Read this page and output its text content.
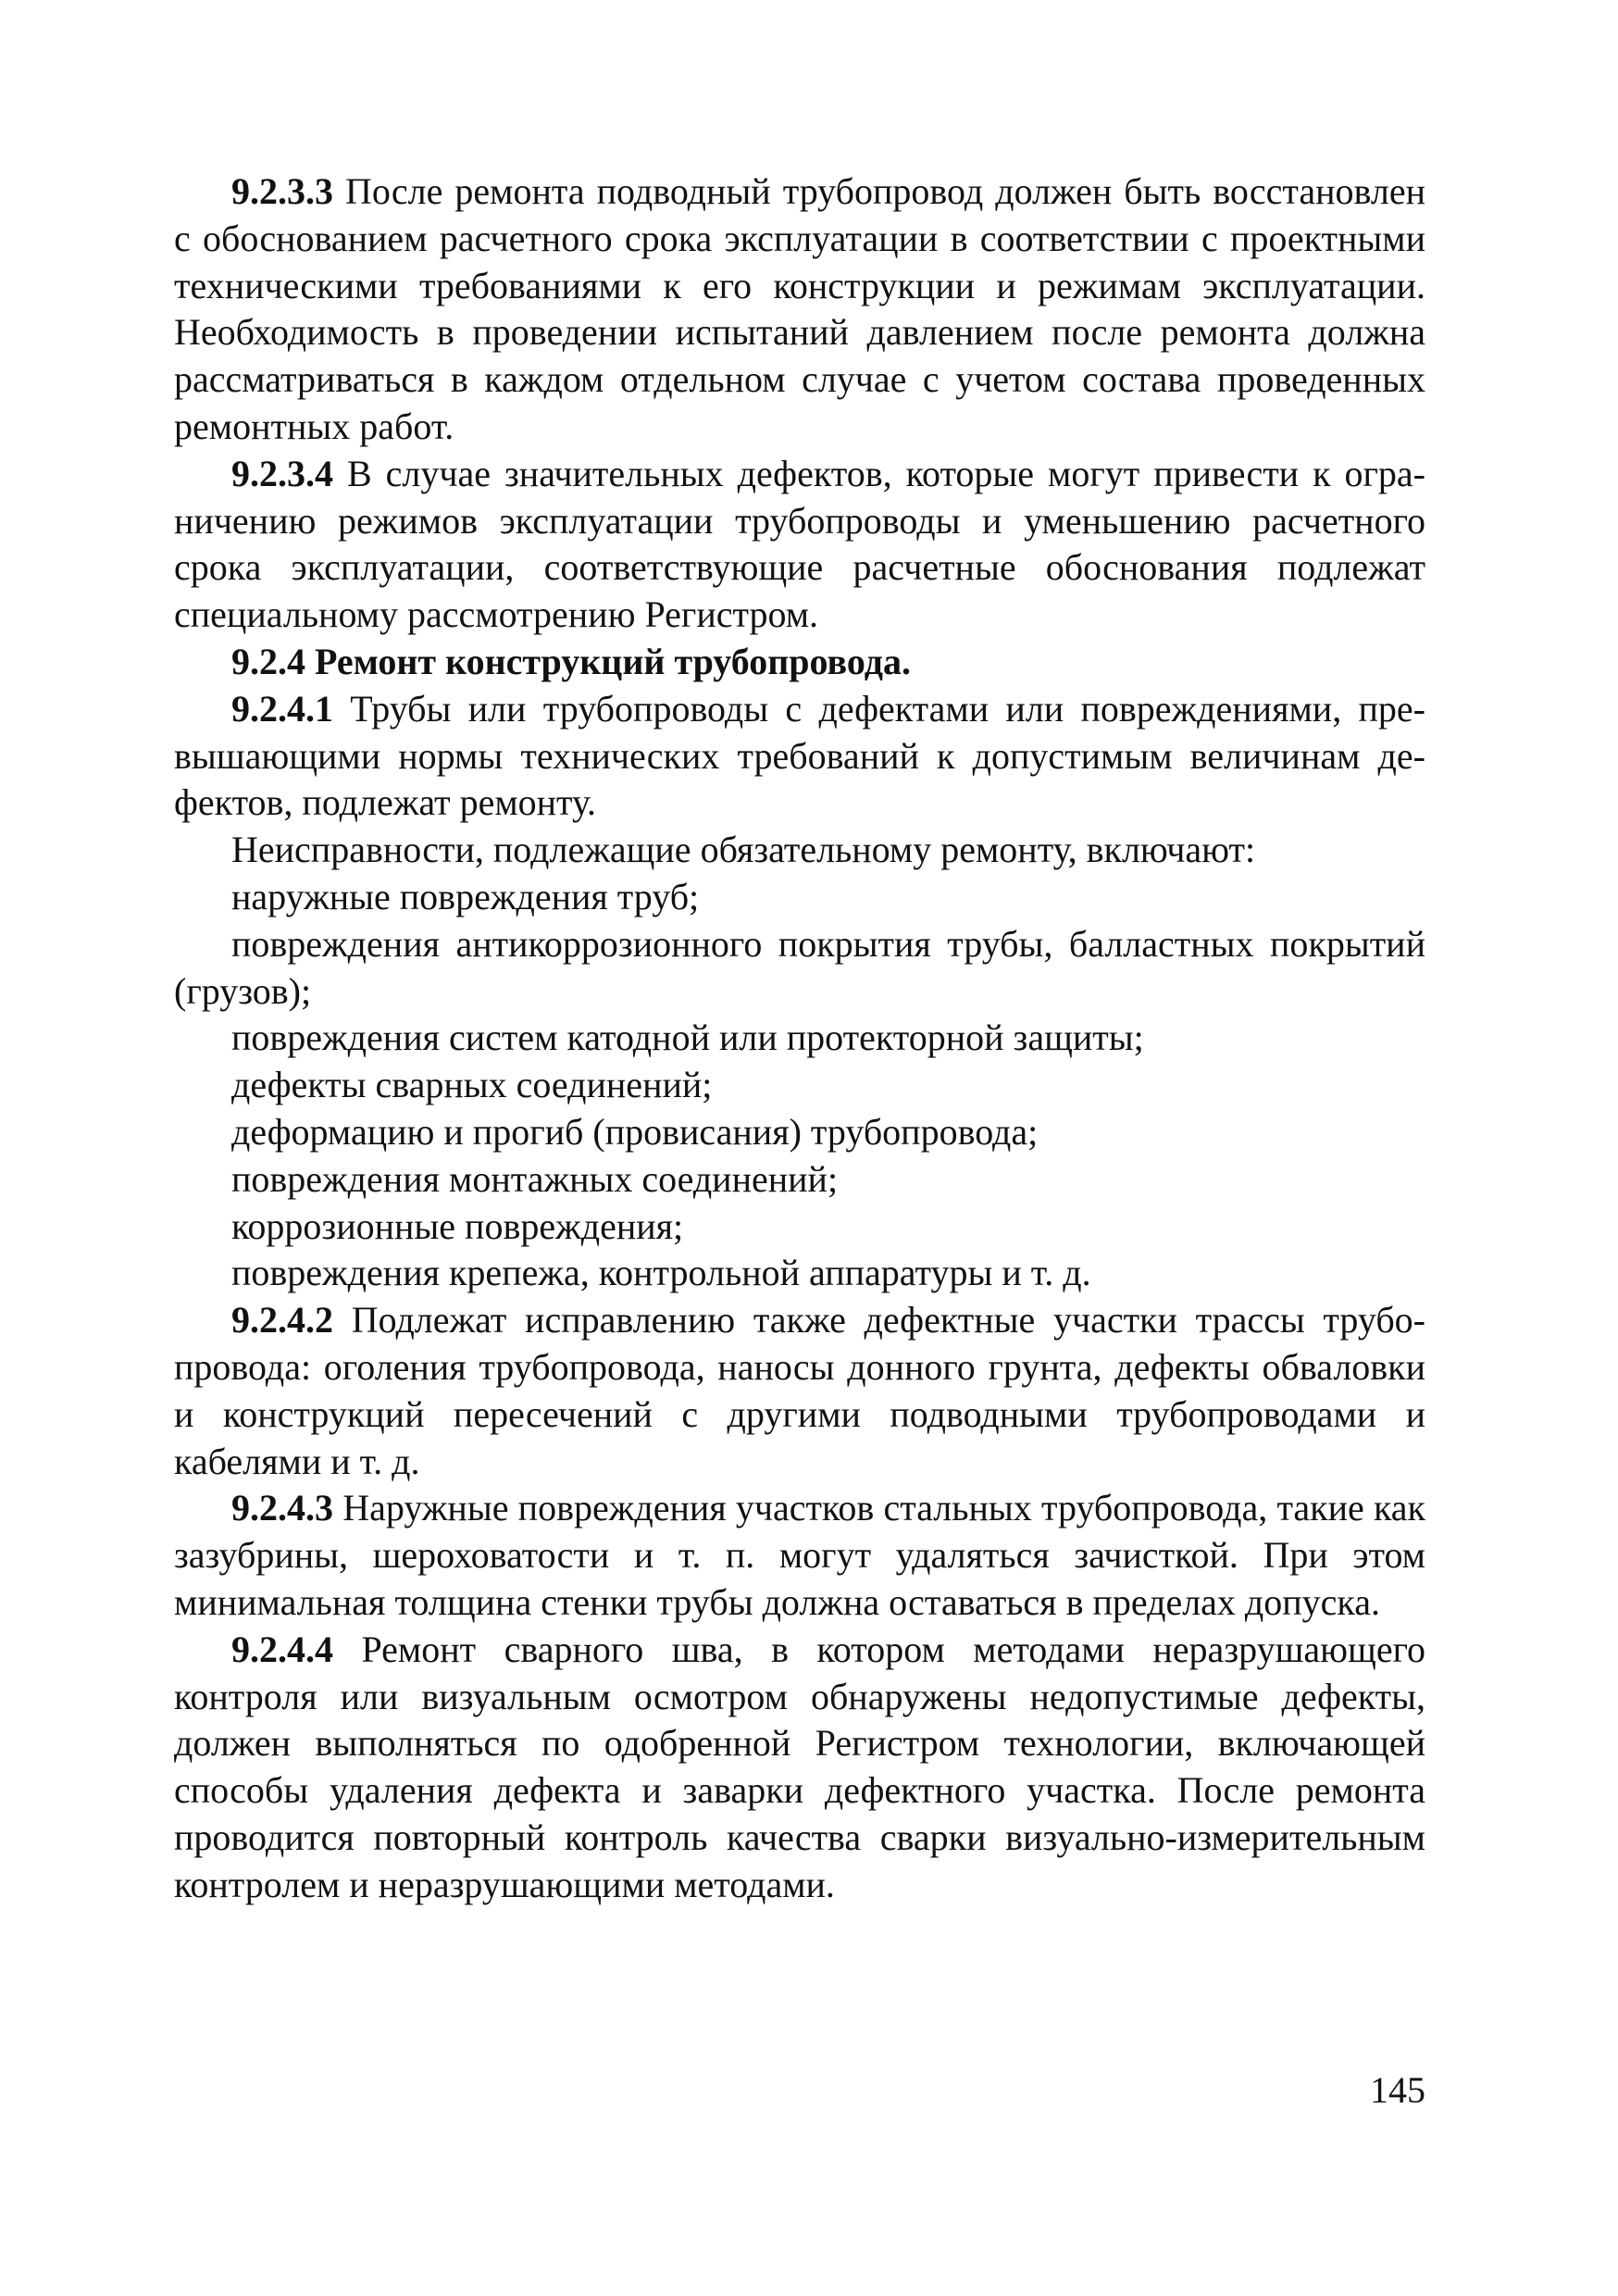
9.2.3.3 После ремонта подводный трубопровод должен быть восстановлен с обоснованием расчетного срока эксплуатации в соответствии с проектными техническими требованиями к его конструкции и режимам эксплуатации. Необходимость в проведении испытаний давлением после ремонта должна рассматриваться в каждом отдельном случае с учетом состава проведенных ремонтных работ.

9.2.3.4 В случае значительных дефектов, которые могут привести к ограничению режимов эксплуатации трубопроводы и уменьшению расчетного срока эксплуатации, соответствующие расчетные обоснования подлежат специальному рассмотрению Регистром.

9.2.4 Ремонт конструкций трубопровода.

9.2.4.1 Трубы или трубопроводы с дефектами или повреждениями, превышающими нормы технических требований к допустимым величинам дефектов, подлежат ремонту.

Неисправности, подлежащие обязательному ремонту, включают:

наружные повреждения труб;

повреждения антикоррозионного покрытия трубы, балластных покрытий (грузов);

повреждения систем катодной или протекторной защиты;

дефекты сварных соединений;

деформацию и прогиб (провисания) трубопровода;

повреждения монтажных соединений;

коррозионные повреждения;

повреждения крепежа, контрольной аппаратуры и т. д.

9.2.4.2 Подлежат исправлению также дефектные участки трассы трубопровода: оголения трубопровода, наносы донного грунта, дефекты обваловки и конструкций пересечений с другими подводными трубопроводами и кабелями и т. д.

9.2.4.3 Наружные повреждения участков стальных трубопровода, такие как зазубрины, шероховатости и т. п. могут удаляться зачисткой. При этом минимальная толщина стенки трубы должна оставаться в пределах допуска.

9.2.4.4 Ремонт сварного шва, в котором методами неразрушающего контроля или визуальным осмотром обнаружены недопустимые дефекты, должен выполняться по одобренной Регистром технологии, включающей способы удаления дефекта и заварки дефектного участка. После ремонта проводится повторный контроль качества сварки визуально-измерительным контролем и неразрушающими методами.

145
